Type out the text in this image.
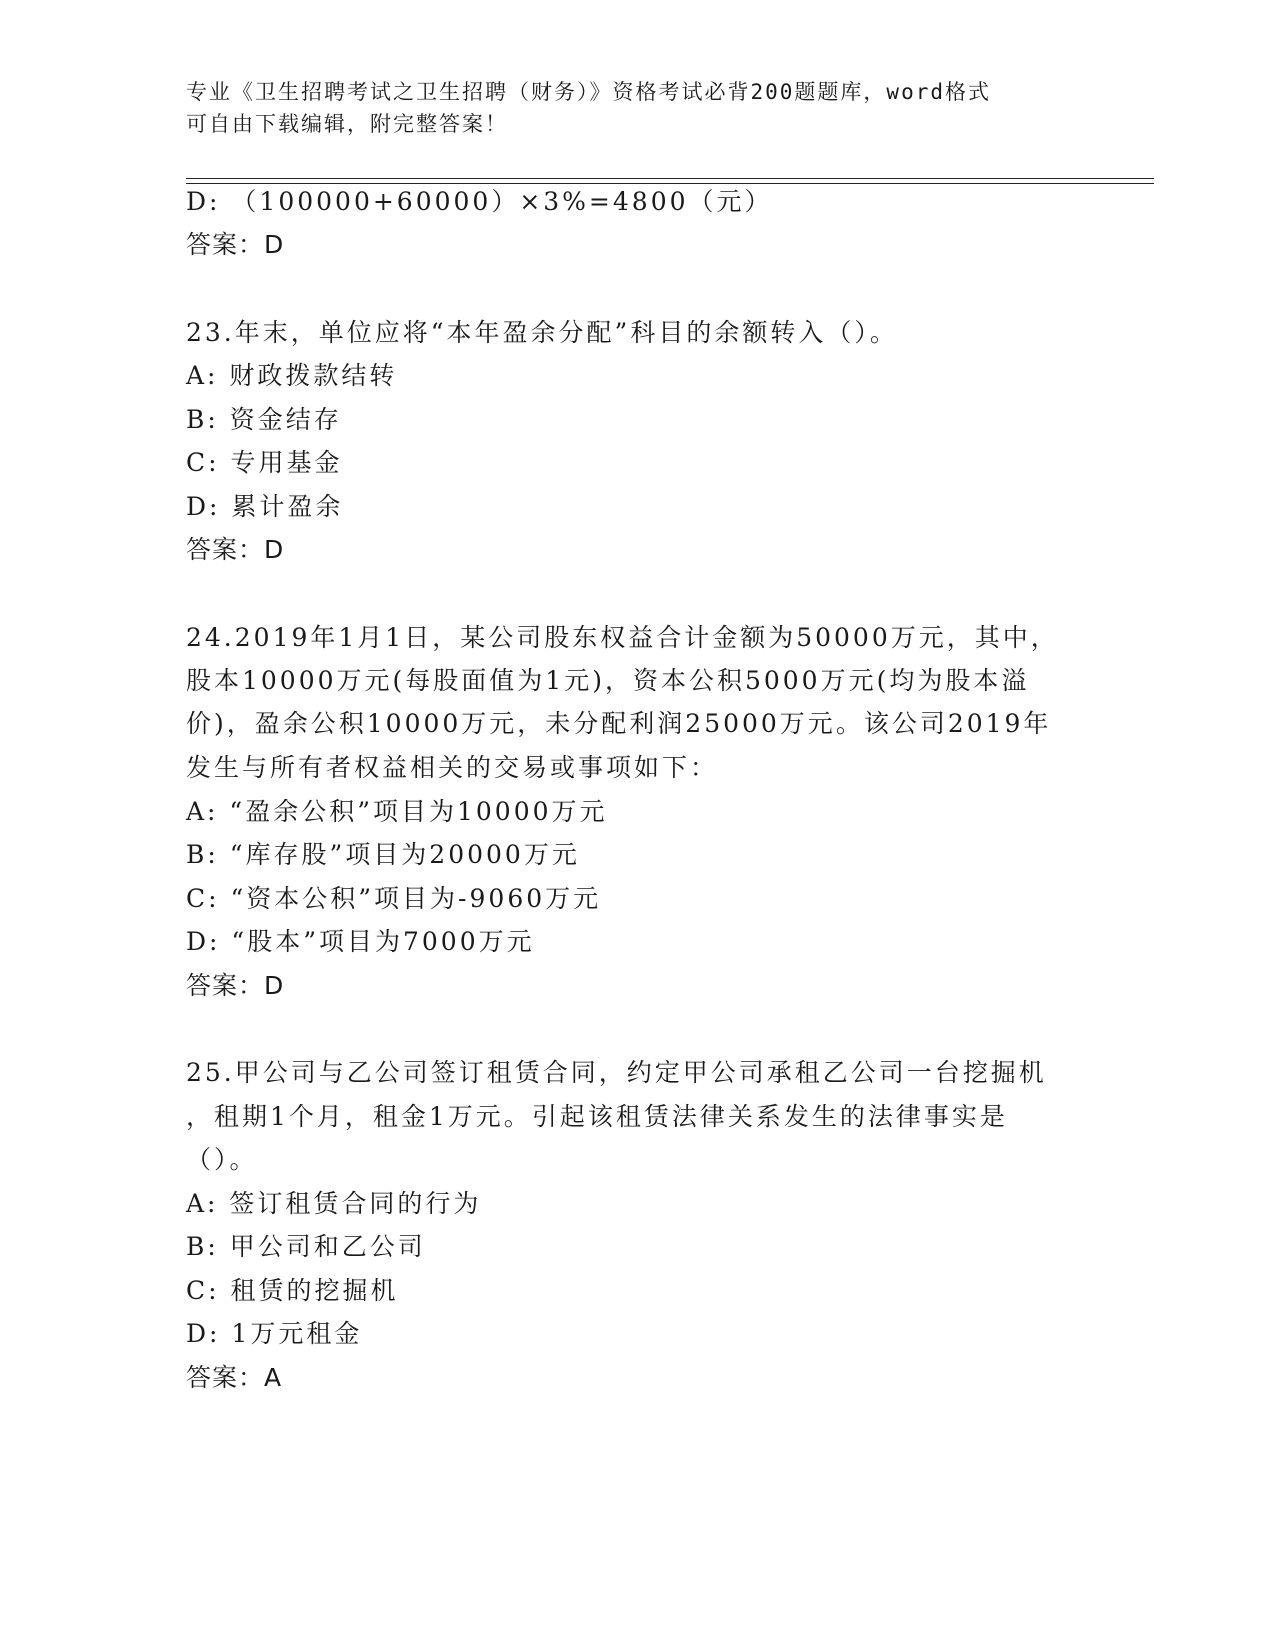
专业《卫生招聘考试之卫生招聘（财务）》资格考试必背200题题库，word格式
可自由下载编辑，附完整答案！
D: （100000+60000）×3%=4800（元）
答案：D
23.年末，单位应将“本年盈余分配”科目的余额转入（）。
A: 财政拨款结转
B: 资金结存
C: 专用基金
D: 累计盈余
答案：D
24.2019年1月1日，某公司股东权益合计金额为50000万元，其中，
股本10000万元(每股面值为1元)，资本公积5000万元(均为股本溢
价)，盈余公积10000万元，未分配利润25000万元。该公司2019年
发生与所有者权益相关的交易或事项如下：
A: “盈余公积”项目为10000万元
B: “库存股”项目为20000万元
C: “资本公积”项目为-9060万元
D: “股本”项目为7000万元
答案：D
25.甲公司与乙公司签订租赁合同，约定甲公司承租乙公司一台挖掘机
，租期1个月，租金1万元。引起该租赁法律关系发生的法律事实是
（）。
A: 签订租赁合同的行为
B: 甲公司和乙公司
C: 租赁的挖掘机
D: 1万元租金
答案：A
